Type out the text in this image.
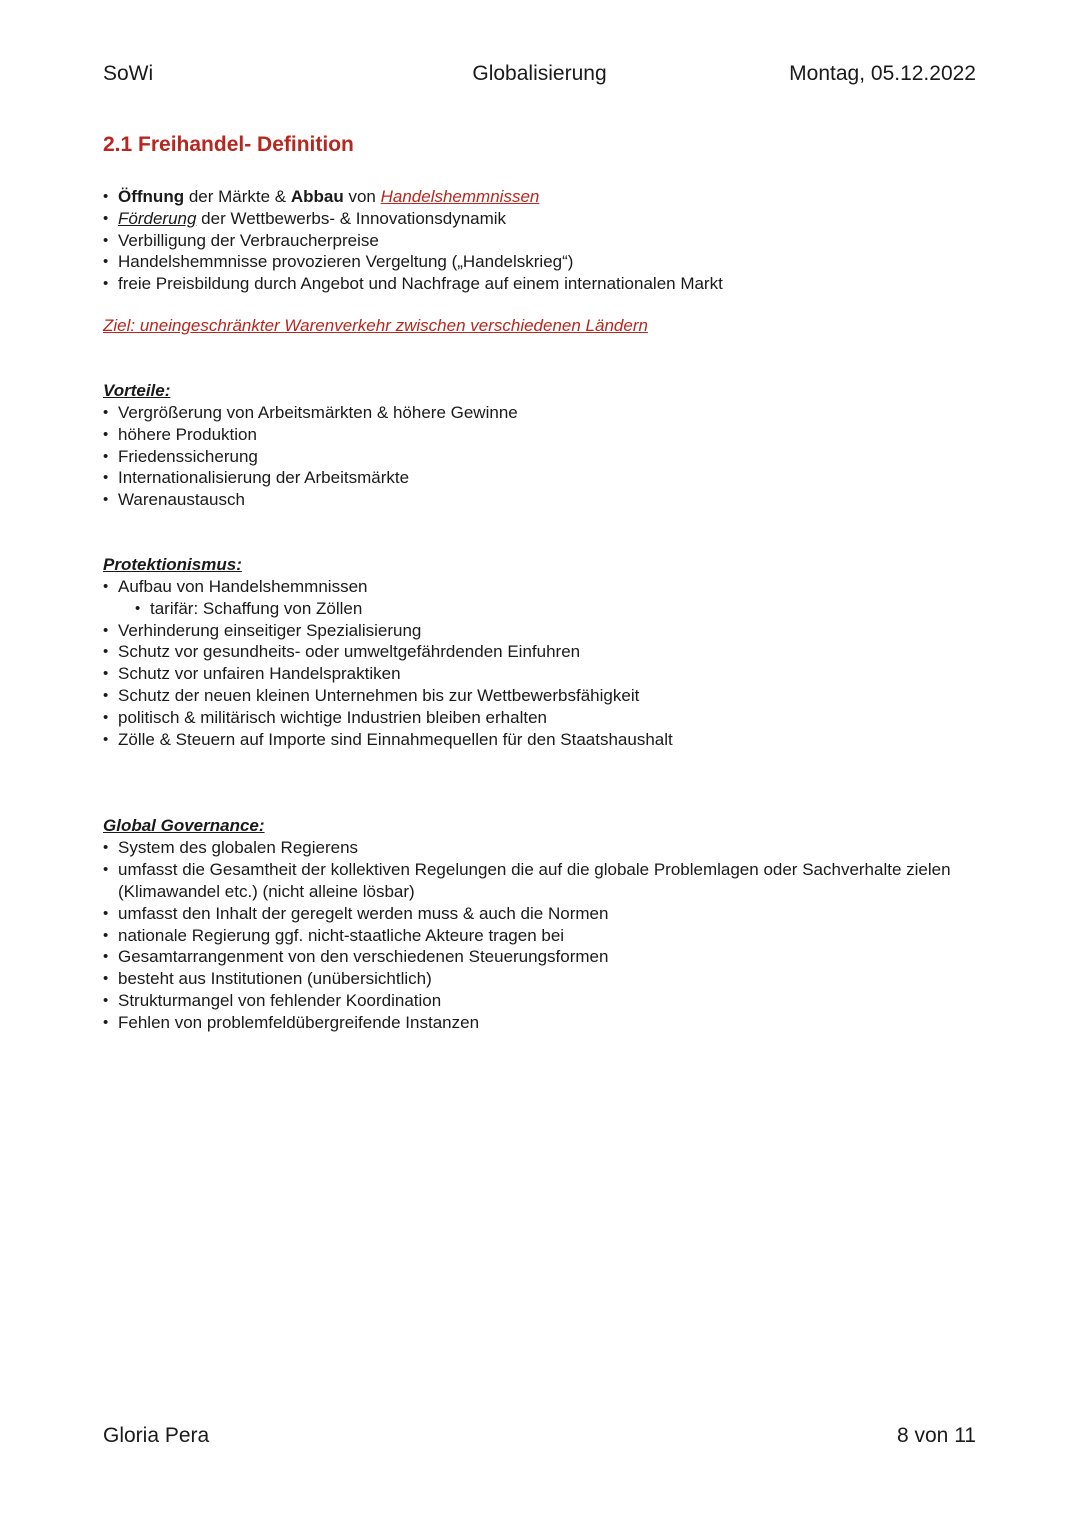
SoWi	Globalisierung	Montag, 05.12.2022
2.1 Freihandel- Definition
• Öffnung der Märkte & Abbau von Handelshemmnissen
• Förderung der Wettbewerbs- & Innovationsdynamik
• Verbilligung der Verbraucherpreise
• Handelshemmnisse provozieren Vergeltung („Handelskrieg“)
• freie Preisbildung durch Angebot und Nachfrage auf einem internationalen Markt
Ziel: uneingeschränkter Warenverkehr zwischen verschiedenen Ländern
Vorteile:
• Vergrößerung von Arbeitsmärkten & höhere Gewinne
• höhere Produktion
• Friedenssicherung
• Internationalisierung der Arbeitsmärkte
• Warenaustausch
Protektionismus:
• Aufbau von Handelshemmnissen
• tarifär: Schaffung von Zöllen
• Verhinderung einseitiger Spezialisierung
• Schutz vor gesundheits- oder umweltgefährdenden Einfuhren
• Schutz vor unfairen Handelspraktiken
• Schutz der neuen kleinen Unternehmen bis zur Wettbewerbsfähigkeit
• politisch & militärisch wichtige Industrien bleiben erhalten
• Zölle & Steuern auf Importe sind Einnahmequellen für den Staatshaushalt
Global Governance:
• System des globalen Regierens
• umfasst die Gesamtheit der kollektiven Regelungen die auf die globale Problemlagen oder Sachverhalte zielen (Klimawandel etc.) (nicht alleine lösbar)
• umfasst den Inhalt der geregelt werden muss & auch die Normen
• nationale Regierung ggf. nicht-staatliche Akteure tragen bei
• Gesamtarrangenment von den verschiedenen Steuerungsformen
• besteht aus Institutionen (unübersichtlich)
• Strukturmangel von fehlender Koordination
• Fehlen von problemfeldübergreifende Instanzen
Gloria Pera	8 von 11
